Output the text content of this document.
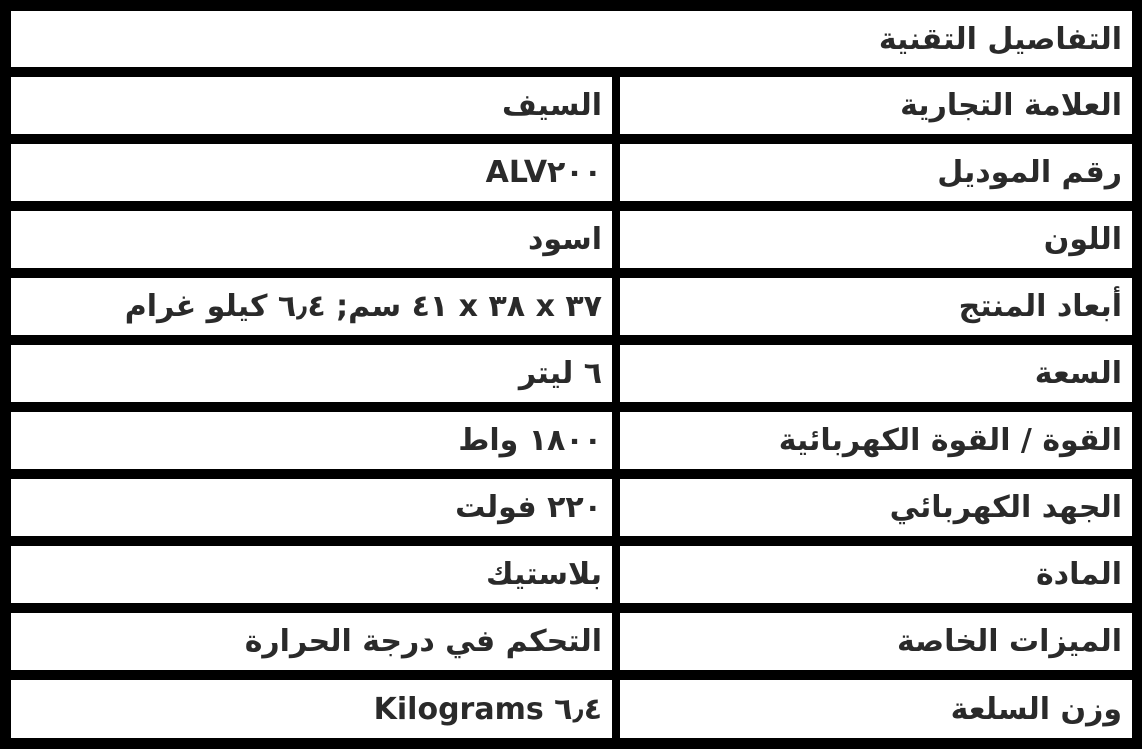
التفاصيل التقنية
العلامة التجارية
السيف
رقم الموديل
ALV٢٠٠
اللون
اسود
أبعاد المنتج
٣٧ x ٣٨ x ٤١ سم; ٦٫٤ كيلو غرام
السعة
٦ ليتر
القوة / القوة الكهربائية
١٨٠٠ واط
الجهد الكهربائي
٢٢٠ فولت
المادة
بلاستيك
الميزات الخاصة
التحكم في درجة الحرارة
وزن السلعة
٦٫٤ Kilograms
